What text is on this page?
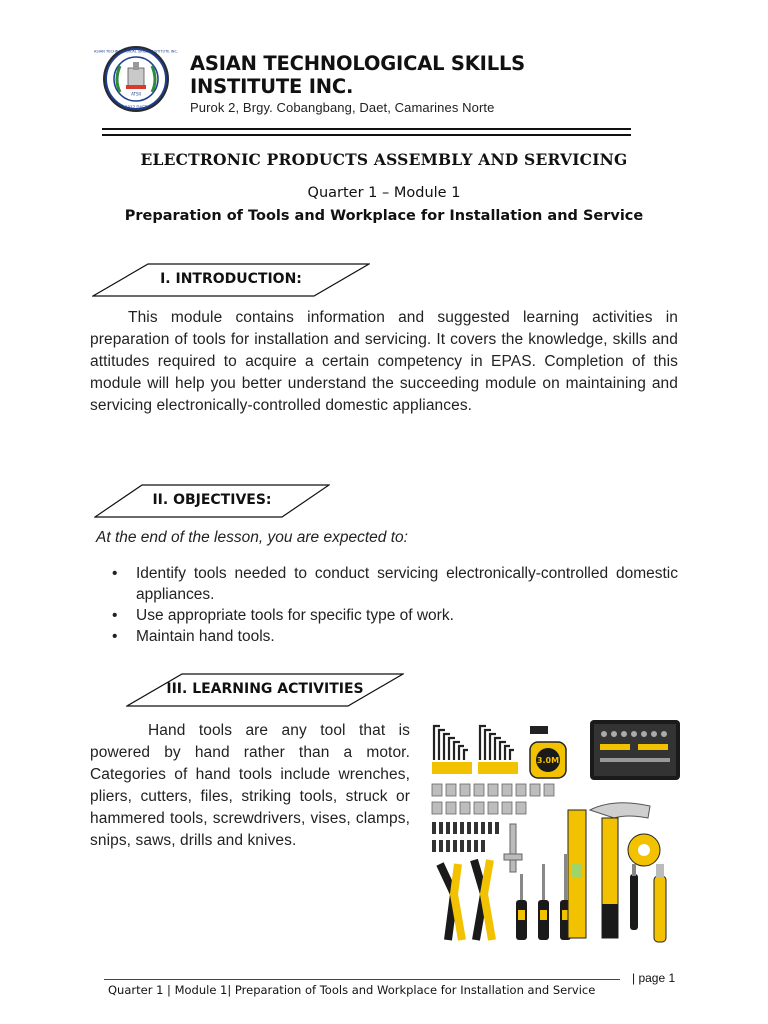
ASIAN TECHNOLOGICAL SKILLS INSTITUTE INC.
ATSII
2017 DAET
ASIAN TECHNOLOGICAL SKILLS
INSTITUTE INC.
Purok 2, Brgy. Cobangbang, Daet, Camarines Norte
ELECTRONIC PRODUCTS ASSEMBLY AND SERVICING
Quarter 1 – Module 1
Preparation of Tools and Workplace for Installation and Service
I. INTRODUCTION:
This module contains information and suggested learning activities in preparation of tools for installation and servicing. It covers the knowledge, skills and attitudes required to acquire a certain competency in EPAS. Completion of this module will help you better understand the succeeding module on maintaining and servicing electronically-controlled domestic appliances.
II. OBJECTIVES:
At the end of the lesson, you are expected to:
• Identify tools needed to conduct servicing electronically-controlled domestic appliances.
• Use appropriate tools for specific type of work.
• Maintain hand tools.
III. LEARNING ACTIVITIES
Hand tools are any tool that is powered by hand rather than a motor. Categories of hand tools include wrenches, pliers, cutters, files, striking tools, struck or hammered tools, screwdrivers, vises, clamps, snips, saws, drills and knives.
3.0M
| page 1
Quarter 1 | Module 1| Preparation of Tools and Workplace for Installation and Service
